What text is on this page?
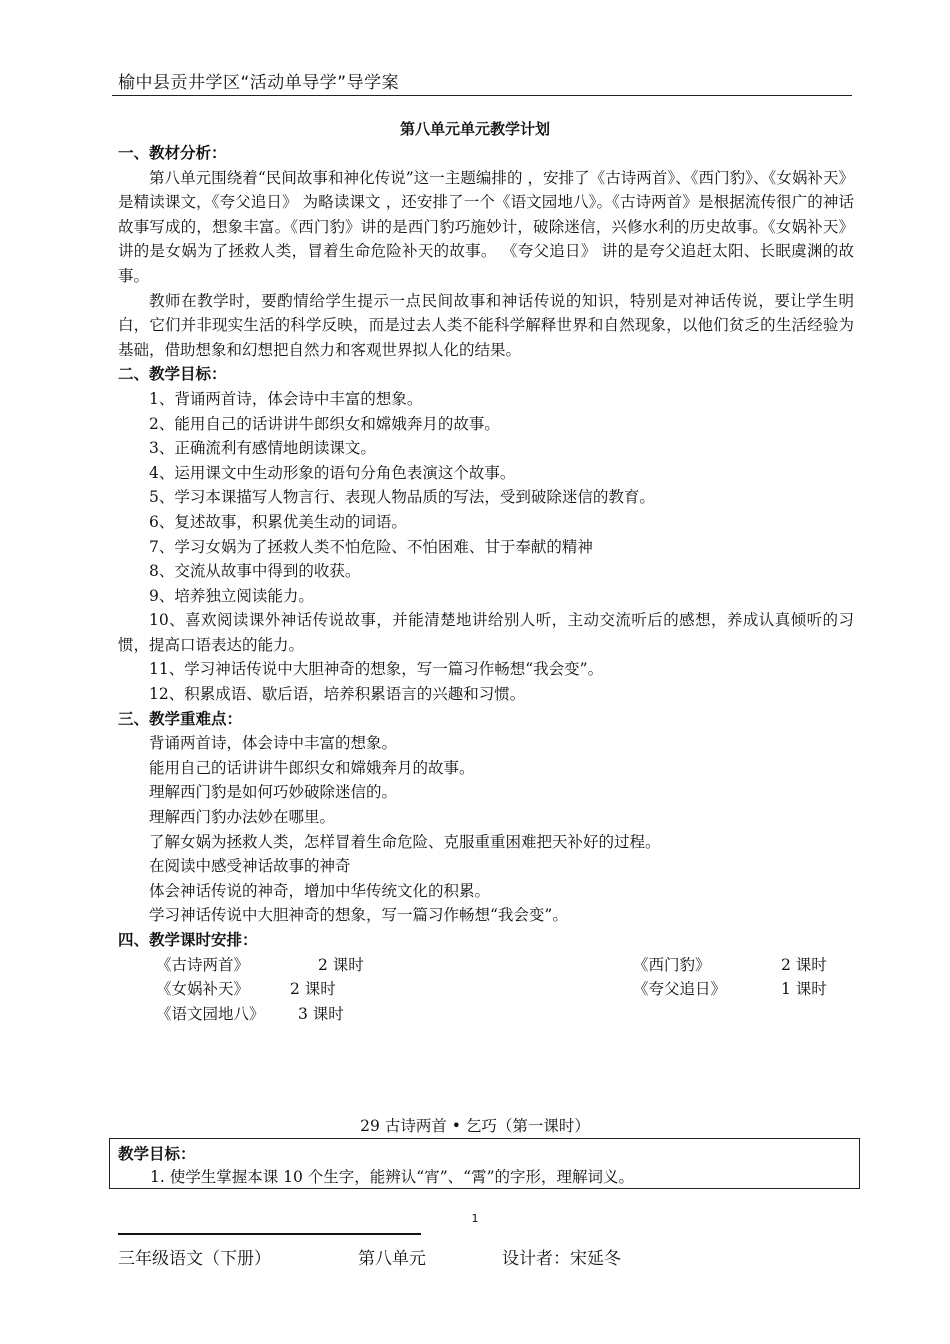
榆中县贡井学区“活动单导学”导学案
第八单元单元教学计划
一、教材分析：

第八单元围绕着“民间故事和神化传说”这一主题编排的 ，安排了《古诗两首》、《西门豹》、《女娲补天》是精读课文，《夸父追日》 为略读课文 ，还安排了一个《语文园地八》。《古诗两首》是根据流传很广的神话故事写成的，想象丰富。《西门豹》讲的是西门豹巧施妙计，破除迷信，兴修水利的历史故事。《女娲补天》讲的是女娲为了拯救人类，冒着生命危险补天的故事。 《夸父追日》 讲的是夸父追赶太阳、长眠虞渊的故事。

教师在教学时，要酌情给学生提示一点民间故事和神话传说的知识，特别是对神话传说，要让学生明白，它们并非现实生活的科学反映，而是过去人类不能科学解释世界和自然现象，以他们贫乏的生活经验为基础，借助想象和幻想把自然力和客观世界拟人化的结果。

二、教学目标：

1、背诵两首诗，体会诗中丰富的想象。

2、能用自己的话讲讲牛郎织女和嫦娥奔月的故事。

3、正确流利有感情地朗读课文。

4、运用课文中生动形象的语句分角色表演这个故事。

5、学习本课描写人物言行、表现人物品质的写法，受到破除迷信的教育。

6、复述故事，积累优美生动的词语。

7、学习女娲为了拯救人类不怕危险、不怕困难、甘于奉献的精神

8、交流从故事中得到的收获。

9、培养独立阅读能力。

10、喜欢阅读课外神话传说故事，并能清楚地讲给别人听，主动交流听后的感想，养成认真倾听的习惯，提高口语表达的能力。

11、学习神话传说中大胆神奇的想象，写一篇习作畅想“我会变”。

12、积累成语、歇后语，培养积累语言的兴趣和习惯。

三、教学重难点：

背诵两首诗，体会诗中丰富的想象。

能用自己的话讲讲牛郎织女和嫦娥奔月的故事。

理解西门豹是如何巧妙破除迷信的。

理解西门豹办法妙在哪里。

了解女娲为拯救人类，怎样冒着生命危险、克服重重困难把天补好的过程。

在阅读中感受神话故事的神奇

体会神话传说的神奇，增加中华传统文化的积累。

学习神话传说中大胆神奇的想象，写一篇习作畅想“我会变”。

四、教学课时安排：
《古诗两首》	2 课时	《西门豹》	2 课时
《女娲补天》	2 课时	《夸父追日》	1 课时
《语文园地八》 3 课时
29 古诗两首 • 乞巧（第一课时）
教学目标：
1. 使学生掌握本课 10 个生字，能辨认“宵”、“霄”的字形，理解词义。
1
三年级语文（下册）	第八单元	设计者：宋延冬
